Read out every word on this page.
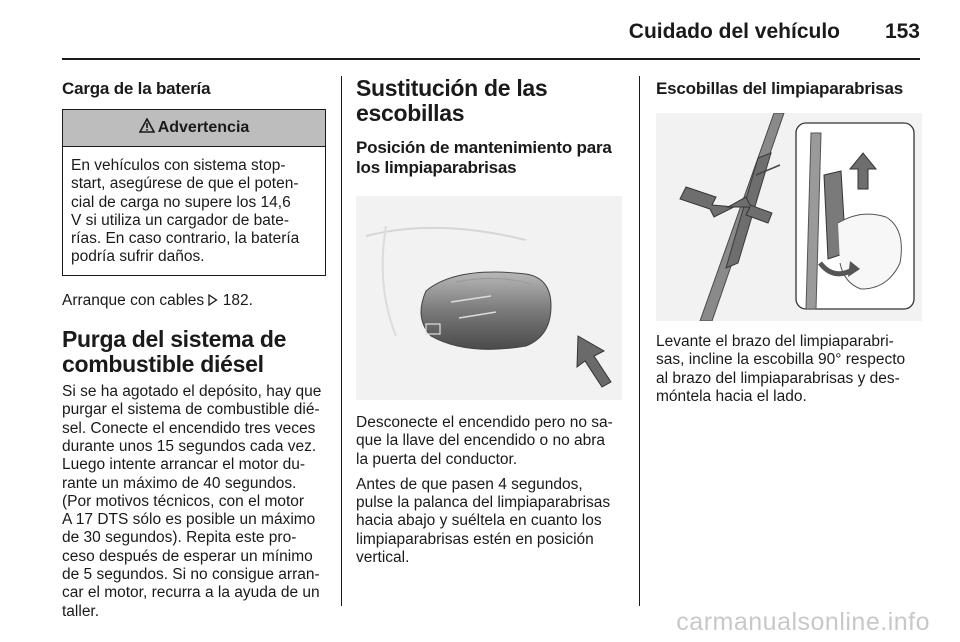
Cuidado del vehículo 153
Carga de la batería
Advertencia
En vehículos con sistema stop-
start, asegúrese de que el poten-
cial de carga no supere los 14,6
V si utiliza un cargador de bate-
rías. En caso contrario, la batería
podría sufrir daños.
Arranque con cables 182.
Purga del sistema de
combustible diésel
Si se ha agotado el depósito, hay que
purgar el sistema de combustible dié-
sel. Conecte el encendido tres veces
durante unos 15 segundos cada vez.
Luego intente arrancar el motor du-
rante un máximo de 40 segundos.
(Por motivos técnicos, con el motor
A 17 DTS sólo es posible un máximo
de 30 segundos). Repita este pro-
ceso después de esperar un mínimo
de 5 segundos. Si no consigue arran-
car el motor, recurra a la ayuda de un
taller.
Sustitución de las
escobillas
Posición de mantenimiento para
los limpiaparabrisas
Desconecte el encendido pero no sa-
que la llave del encendido o no abra
la puerta del conductor.
Antes de que pasen 4 segundos,
pulse la palanca del limpiaparabrisas
hacia abajo y suéltela en cuanto los
limpiaparabrisas estén en posición
vertical.
Escobillas del limpiaparabrisas
Levante el brazo del limpiaparabri-
sas, incline la escobilla 90° respecto
al brazo del limpiaparabrisas y des-
móntela hacia el lado.
carmanualsonline.info
